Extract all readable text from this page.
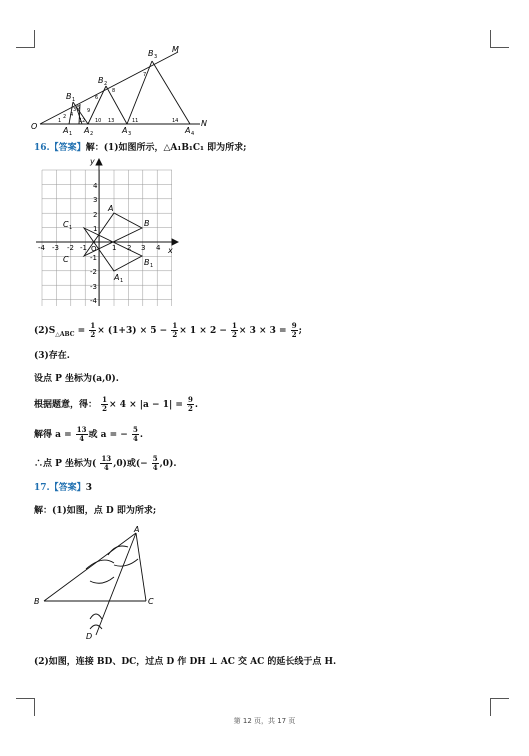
O	N
M
B 3
B 2
B 1
A 1 A 2	A 3	A 4
1
2
3
4
5
6
7
8
9
10	11
12	13	14
16.【答案】解：(1)如图所示，△A₁B₁C₁ 即为所求;
x
y
O
-4 -3 -2 -1	1 2 3 4
4
3
2
1
-1
-2
-3
-4
A
B
C
C
A
B
1
1
1
$(2)S_{\triangle ABC} = \frac{1}{2} \times (1+3) \times 5 - \frac{1}{2} \times 1 \times 2 - \frac{1}{2} \times 3 \times 3 = \frac{9}{2}$ ;
(3)存在.
设点 P 坐标为(a,0).
根据题意，得： $\frac{1}{2} \times 4 \times |a - 1| = \frac{9}{2}$ .
解得 $a = \frac{13}{4}$ 或 a = − $\frac{5}{4}$ .
∴点 P 坐标为( $\frac{13}{4} ,0$)或(− $\frac{5}{4} ,0$).
17.【答案】3
解：(1)如图，点 D 即为所求;
A
B	C
D
(2)如图，连接 BD、DC，过点 D 作 DH ⊥ AC 交 AC 的延长线于点 H.
第 12 页，共 17 页
